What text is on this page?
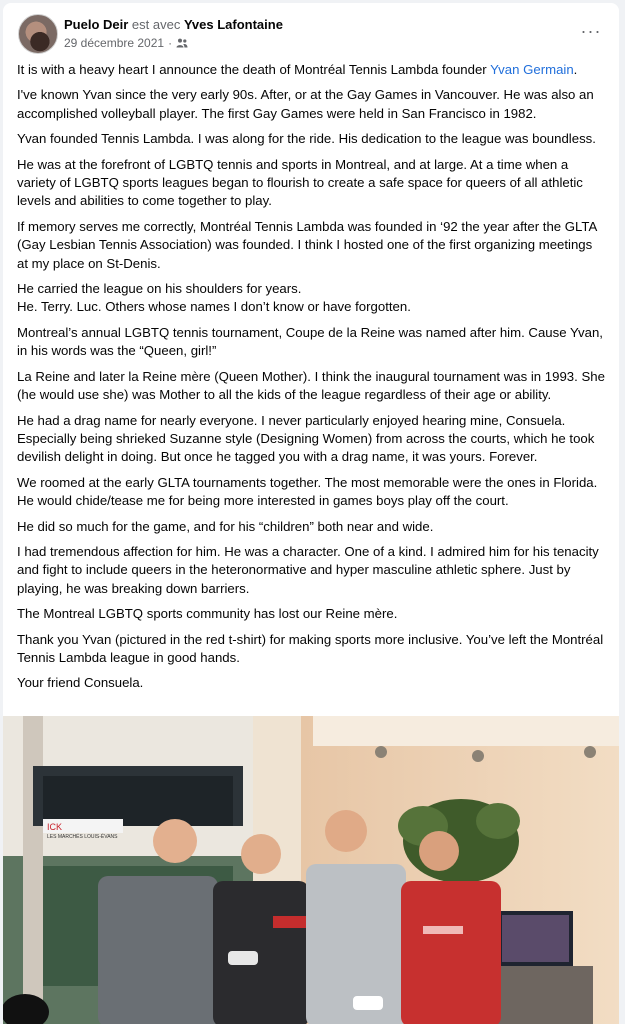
Puelo Deir est avec Yves Lafontaine
29 décembre 2021 ·
···

It is with a heavy heart I announce the death of Montréal Tennis Lambda founder Yvan Germain.

I've known Yvan since the very early 90s. After, or at the Gay Games in Vancouver. He was also an accomplished volleyball player. The first Gay Games were held in San Francisco in 1982.

Yvan founded Tennis Lambda. I was along for the ride. His dedication to the league was boundless.

He was at the forefront of LGBTQ tennis and sports in Montreal, and at large. At a time when a variety of LGBTQ sports leagues began to flourish to create a safe space for queers of all athletic levels and abilities to come together to play.

If memory serves me correctly, Montréal Tennis Lambda was founded in ‘92 the year after the GLTA (Gay Lesbian Tennis Association) was founded. I think I hosted one of the first organizing meetings at my place on St-Denis.

He carried the league on his shoulders for years.
He. Terry. Luc. Others whose names I don’t know or have forgotten.

Montreal’s annual LGBTQ tennis tournament, Coupe de la Reine was named after him. Cause Yvan, in his words was the “Queen, girl!”

La Reine and later la Reine mère (Queen Mother). I think the inaugural tournament was in 1993. She (he would use she) was Mother to all the kids of the league regardless of their age or ability.

He had a drag name for nearly everyone. I never particularly enjoyed hearing mine, Consuela. Especially being shrieked Suzanne style (Designing Women) from across the courts, which he took devilish delight in doing. But once he tagged you with a drag name, it was yours. Forever.

We roomed at the early GLTA tournaments together. The most memorable were the ones in Florida. He would chide/tease me for being more interested in games boys play off the court.

He did so much for the game, and for his “children” both near and wide.

I had tremendous affection for him. He was a character. One of a kind. I admired him for his tenacity and fight to include queers in the heteronormative and hyper masculine athletic sphere. Just by playing, he was breaking down barriers.

The Montreal LGBTQ sports community has lost our Reine mère.

Thank you Yvan (pictured in the red t-shirt) for making sports more inclusive. You’ve left the Montréal Tennis Lambda league in good hands.

Your friend Consuela.

ICK
LES MARCHÉS LOUIS-ÉVANS
